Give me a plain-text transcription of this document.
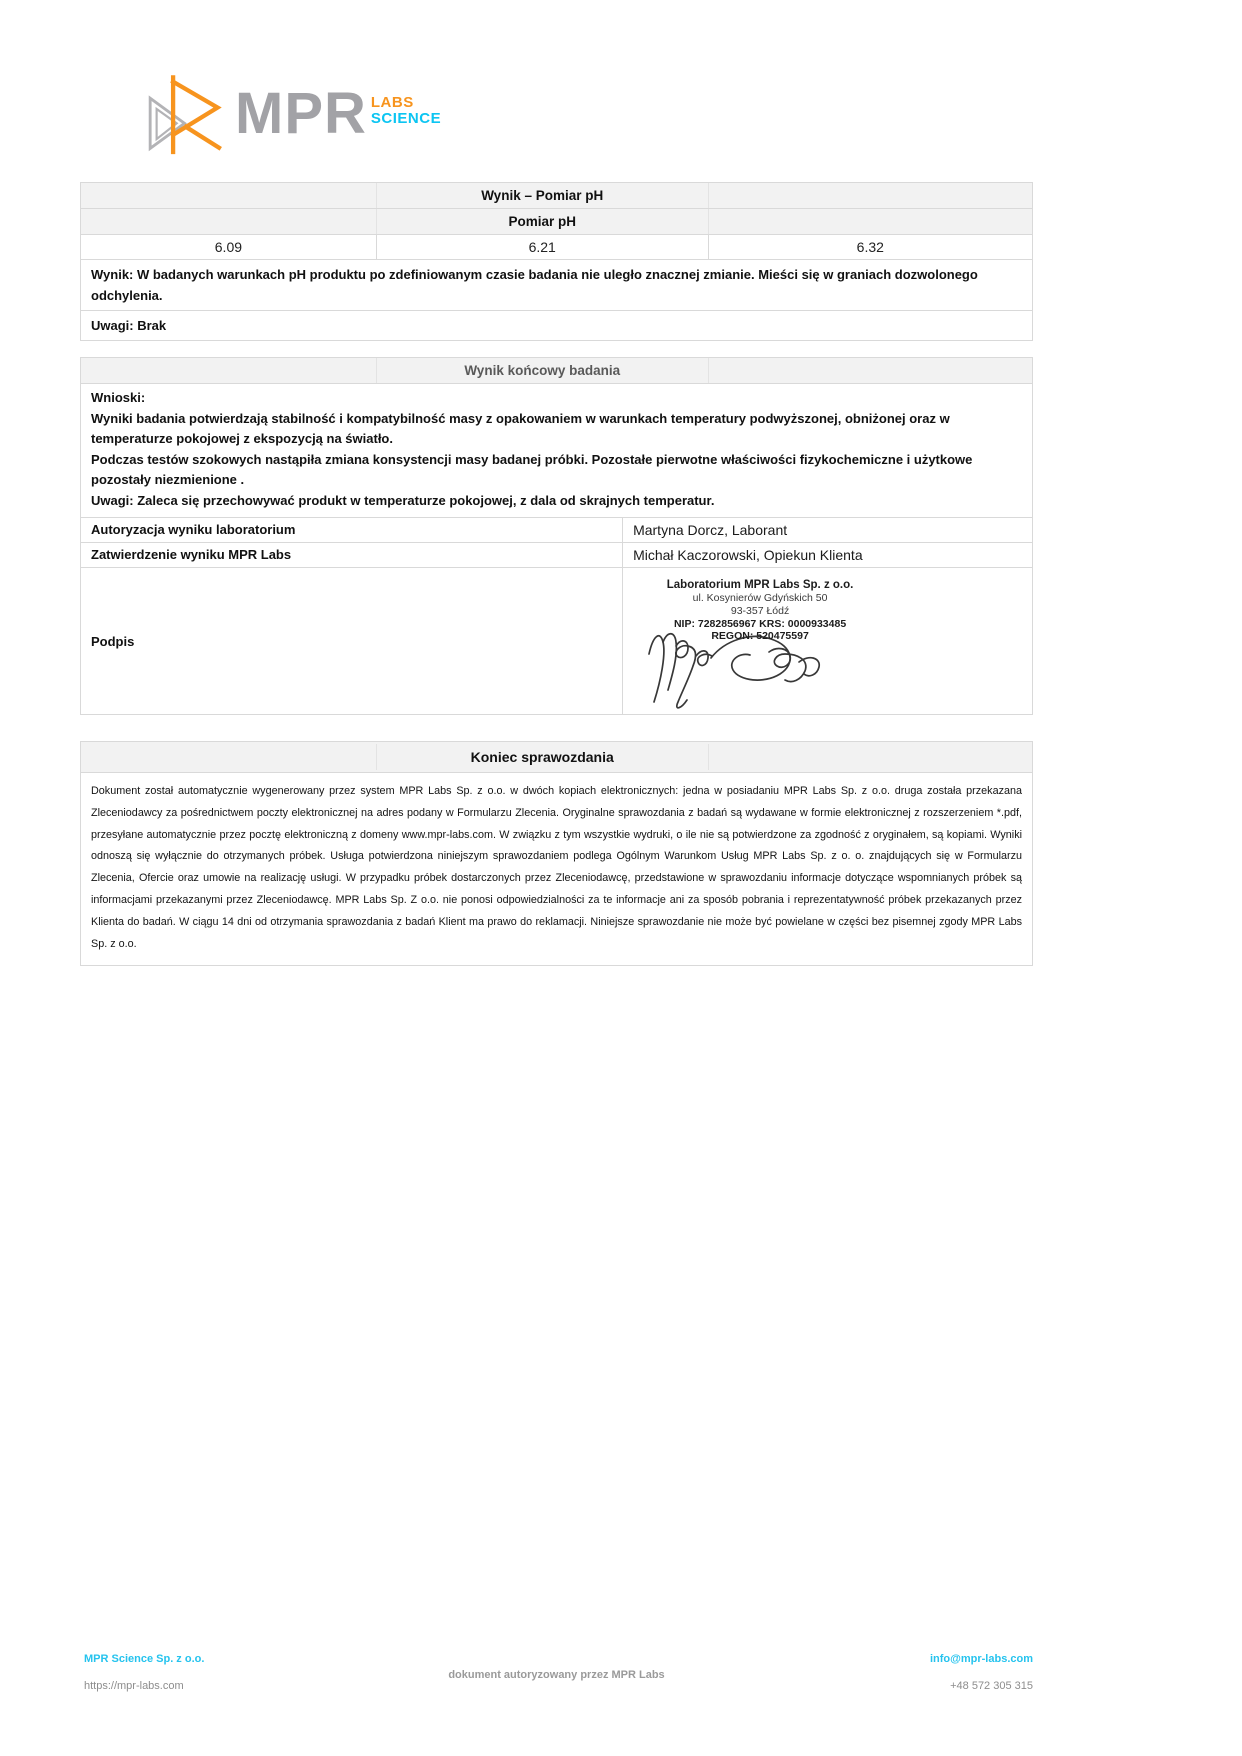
MPR LABS
SCIENCE
Wynik – Pomiar pH
Pomiar pH
6.09	6.21	6.32
Wynik: W badanych warunkach pH produktu po zdefiniowanym czasie badania nie uległo znacznej zmianie. Mieści się w graniach dozwolonego odchylenia.
Uwagi: Brak
Wynik końcowy badania
Wnioski:
Wyniki badania potwierdzają stabilność i kompatybilność masy z opakowaniem w warunkach temperatury podwyższonej, obniżonej oraz w temperaturze pokojowej z ekspozycją na światło.
Podczas testów szokowych nastąpiła zmiana konsystencji masy badanej próbki. Pozostałe pierwotne właściwości fizykochemiczne i użytkowe pozostały niezmienione .
Uwagi: Zaleca się przechowywać produkt w temperaturze pokojowej, z dala od skrajnych temperatur.
Autoryzacja wyniku laboratorium	Martyna Dorcz, Laborant
Zatwierdzenie wyniku MPR Labs	Michał Kaczorowski, Opiekun Klienta
Podpis
Laboratorium MPR Labs Sp. z o.o.
ul. Kosynierów Gdyńskich 50
93-357 Łódź
NIP: 7282856967 KRS: 0000933485
REGON: 520475597
Koniec sprawozdania
Dokument został automatycznie wygenerowany przez system MPR Labs Sp. z o.o. w dwóch kopiach elektronicznych: jedna w posiadaniu MPR Labs Sp. z o.o. druga została przekazana Zleceniodawcy za pośrednictwem poczty elektronicznej na adres podany w Formularzu Zlecenia. Oryginalne sprawozdania z badań są wydawane w formie elektronicznej z rozszerzeniem *.pdf, przesyłane automatycznie przez pocztę elektroniczną z domeny www.mpr-labs.com. W związku z tym wszystkie wydruki, o ile nie są potwierdzone za zgodność z oryginałem, są kopiami. Wyniki odnoszą się wyłącznie do otrzymanych próbek. Usługa potwierdzona niniejszym sprawozdaniem podlega Ogólnym Warunkom Usług MPR Labs Sp. z o. o. znajdujących się w Formularzu Zlecenia, Ofercie oraz umowie na realizację usługi. W przypadku próbek dostarczonych przez Zleceniodawcę, przedstawione w sprawozdaniu informacje dotyczące wspomnianych próbek są informacjami przekazanymi przez Zleceniodawcę. MPR Labs Sp. Z o.o. nie ponosi odpowiedzialności za te informacje ani za sposób pobrania i reprezentatywność próbek przekazanych przez Klienta do badań. W ciągu 14 dni od otrzymania sprawozdania z badań Klient ma prawo do reklamacji. Niniejsze sprawozdanie nie może być powielane w części bez pisemnej zgody MPR Labs Sp. z o.o.
MPR Science Sp. z o.o.
https://mpr-labs.com
dokument autoryzowany przez MPR Labs
info@mpr-labs.com
+48 572 305 315
